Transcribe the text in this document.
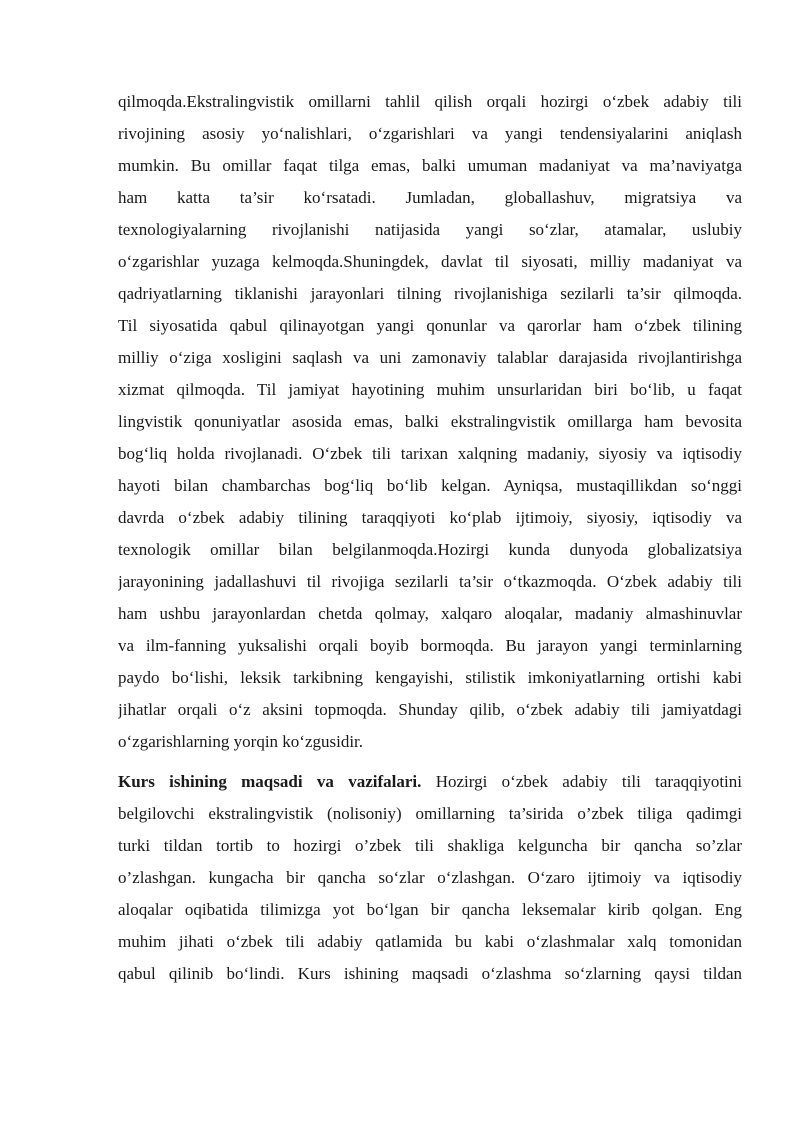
qilmoqda.Ekstralingvistik omillarni tahlil qilish orqali hozirgi o‘zbek adabiy tili
rivojining asosiy yo‘nalishlari, o‘zgarishlari va yangi tendensiyalarini aniqlash
mumkin. Bu omillar faqat tilga emas, balki umuman madaniyat va ma’naviyatga
ham katta ta’sir ko‘rsatadi. Jumladan, globallashuv, migratsiya va
texnologiyalarning rivojlanishi natijasida yangi so‘zlar, atamalar, uslubiy
o‘zgarishlar yuzaga kelmoqda.Shuningdek, davlat til siyosati, milliy madaniyat va
qadriyatlarning tiklanishi jarayonlari tilning rivojlanishiga sezilarli ta’sir qilmoqda.
Til siyosatida qabul qilinayotgan yangi qonunlar va qarorlar ham o‘zbek tilining
milliy o‘ziga xosligini saqlash va uni zamonaviy talablar darajasida rivojlantirishga
xizmat qilmoqda. Til jamiyat hayotining muhim unsurlaridan biri bo‘lib, u faqat
lingvistik qonuniyatlar asosida emas, balki ekstralingvistik omillarga ham bevosita
bog‘liq holda rivojlanadi. O‘zbek tili tarixan xalqning madaniy, siyosiy va iqtisodiy
hayoti bilan chambarchas bog‘liq bo‘lib kelgan. Ayniqsa, mustaqillikdan so‘nggi
davrda o‘zbek adabiy tilining taraqqiyoti ko‘plab ijtimoiy, siyosiy, iqtisodiy va
texnologik omillar bilan belgilanmoqda.Hozirgi kunda dunyoda globalizatsiya
jarayonining jadallashuvi til rivojiga sezilarli ta’sir o‘tkazmoqda. O‘zbek adabiy tili
ham ushbu jarayonlardan chetda qolmay, xalqaro aloqalar, madaniy almashinuvlar
va ilm-fanning yuksalishi orqali boyib bormoqda. Bu jarayon yangi terminlarning
paydo bo‘lishi, leksik tarkibning kengayishi, stilistik imkoniyatlarning ortishi kabi
jihatlar orqali o‘z aksini topmoqda. Shunday qilib, o‘zbek adabiy tili jamiyatdagi
o‘zgarishlarning yorqin ko‘zgusidir.
Kurs ishining maqsadi va vazifalari. Hozirgi o‘zbek adabiy tili taraqqiyotini
belgilovchi ekstralingvistik (nolisoniy) omillarning ta’sirida o’zbek tiliga qadimgi
turki tildan tortib to hozirgi o’zbek tili shakliga kelguncha bir qancha so’zlar
o’zlashgan. kungacha bir qancha so‘zlar o‘zlashgan. O‘zaro ijtimoiy va iqtisodiy
aloqalar oqibatida tilimizga yot bo‘lgan bir qancha leksemalar kirib qolgan. Eng
muhim jihati o‘zbek tili adabiy qatlamida bu kabi o‘zlashmalar xalq tomonidan
qabul qilinib bo‘lindi. Kurs ishining maqsadi o‘zlashma so‘zlarning qaysi tildan
